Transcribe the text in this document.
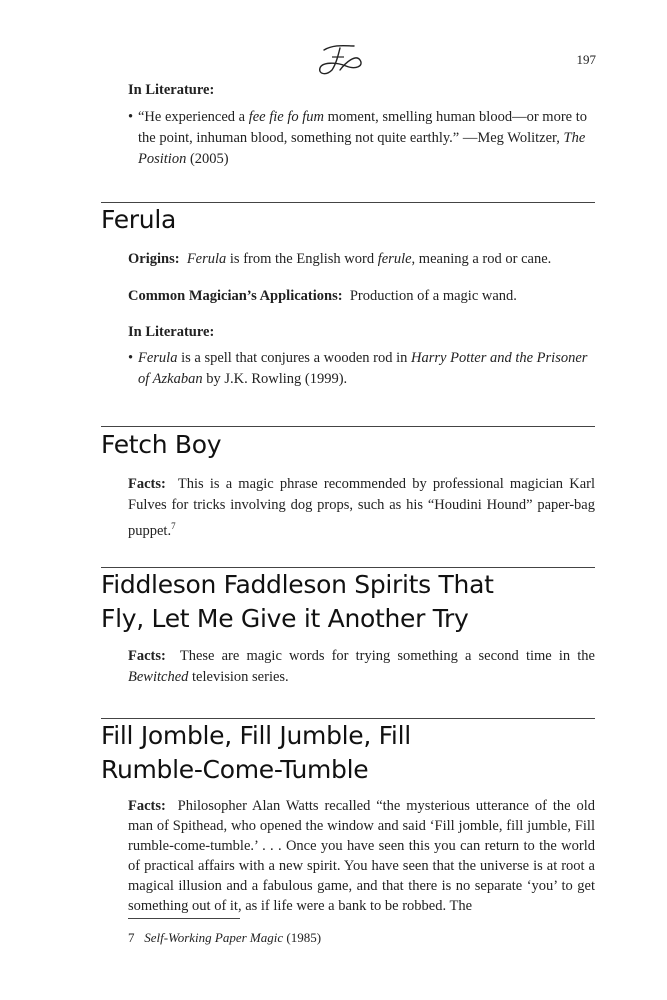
197
In Literature:
• “He experienced a fee fie fo fum moment, smelling human blood—or more to the point, inhuman blood, something not quite earthly.” —Meg Wolitzer, The Position (2005)
Ferula
Origins: Ferula is from the English word ferule, meaning a rod or cane.
Common Magician’s Applications: Production of a magic wand.
In Literature:
• Ferula is a spell that conjures a wooden rod in Harry Potter and the Prisoner of Azkaban by J.K. Rowling (1999).
Fetch Boy
Facts: This is a magic phrase recommended by professional magician Karl Fulves for tricks involving dog props, such as his “Houdini Hound” paper-bag puppet.$^7$
Fiddleson Faddleson Spirits That
Fly, Let Me Give it Another Try
Facts: These are magic words for trying something a second time in the Bewitched television series.
Fill Jomble, Fill Jumble, Fill
Rumble-Come-Tumble
Facts: Philosopher Alan Watts recalled “the mysterious utterance of the old man of Spithead, who opened the window and said ‘Fill jomble, fill jumble, Fill rumble-come-tumble.’ . . . Once you have seen this you can return to the world of practical affairs with a new spirit. You have seen that the universe is at root a magical illusion and a fabulous game, and that there is no separate ‘you’ to get something out of it, as if life were a bank to be robbed. The
7 Self-Working Paper Magic (1985)
